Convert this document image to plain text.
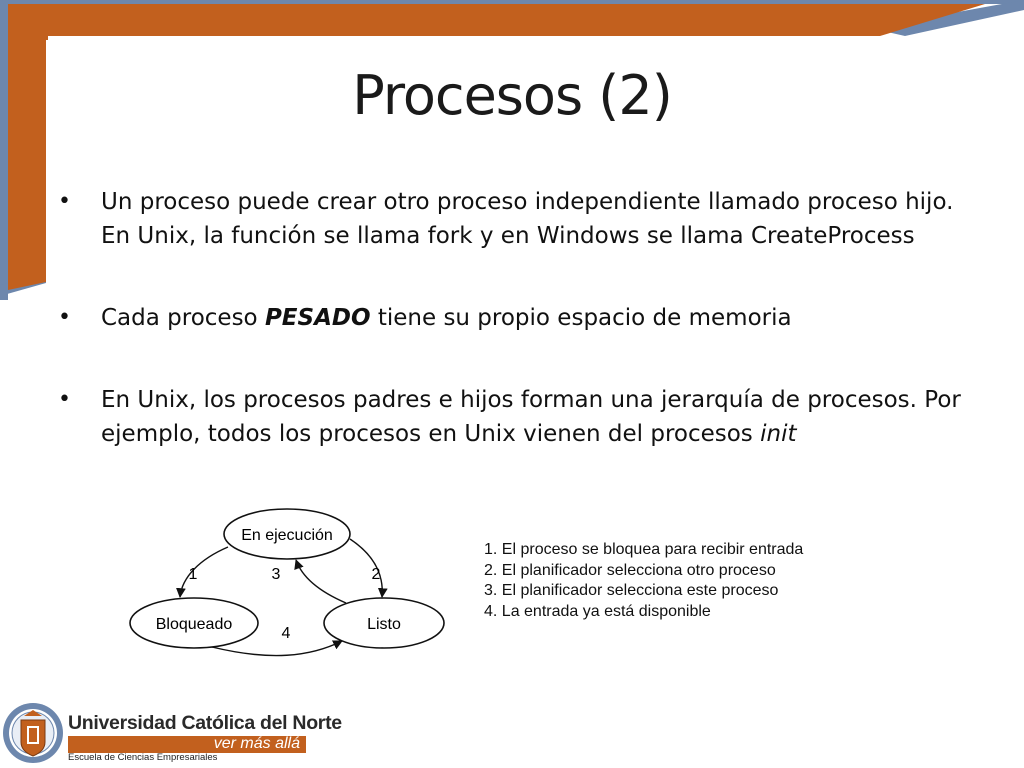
Procesos (2)
• Un proceso puede crear otro proceso independiente llamado proceso hijo. En Unix, la función se llama fork y en Windows se llama CreateProcess
• Cada proceso PESADO tiene su propio espacio de memoria
• En Unix, los procesos padres e hijos forman una jerarquía de procesos. Por ejemplo, todos los procesos en Unix vienen del procesos init
En ejecución
Bloqueado	Listo
1	3	2
4
1. El proceso se bloquea para recibir entrada
2. El planificador selecciona otro proceso
3. El planificador selecciona este proceso
4. La entrada ya está disponible
Universidad Católica del Norte
ver más allá
Escuela de Ciencias Empresariales
